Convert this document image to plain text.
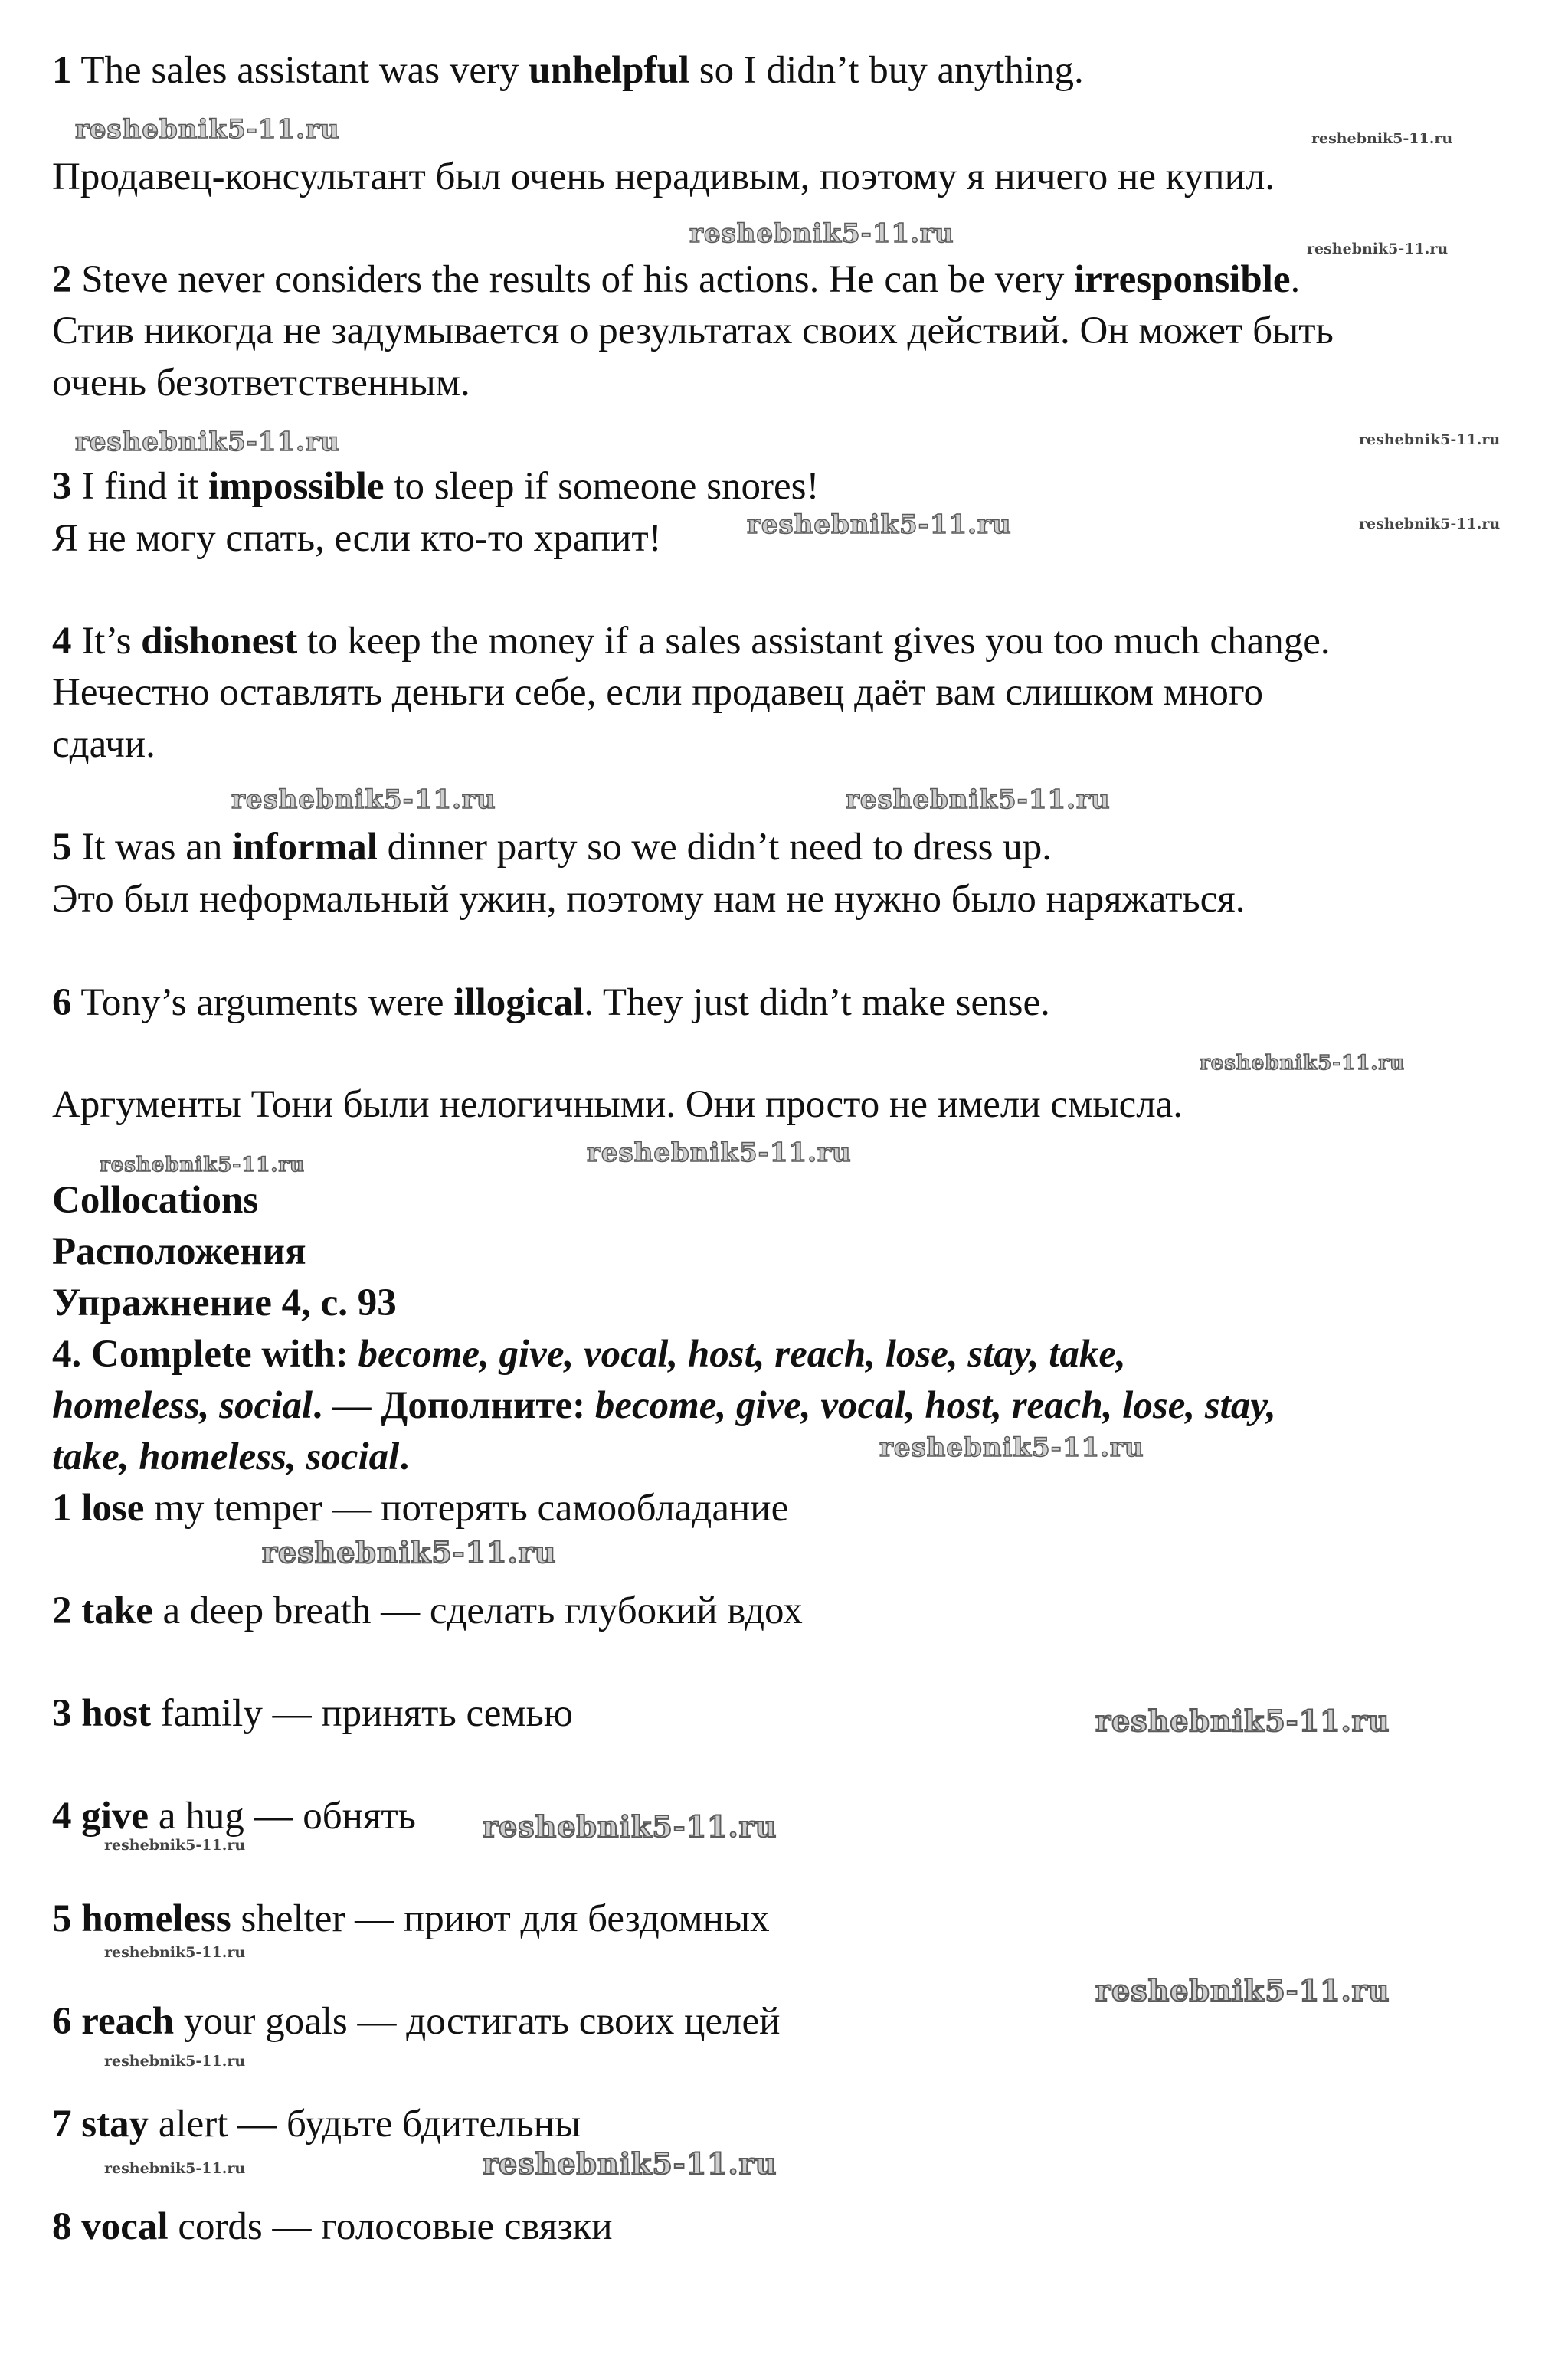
1 The sales assistant was very unhelpful so I didn’t buy anything.

Продавец-консультант был очень нерадивым, поэтому я ничего не купил.

2 Steve never considers the results of his actions. He can be very irresponsible.

Стив никогда не задумывается о результатах своих действий. Он может быть

очень безответственным.

3 I find it impossible to sleep if someone snores!

Я не могу спать, если кто-то храпит!

4 It’s dishonest to keep the money if a sales assistant gives you too much change.

Нечестно оставлять деньги себе, если продавец даёт вам слишком много

сдачи.

5 It was an informal dinner party so we didn’t need to dress up.

Это был неформальный ужин, поэтому нам не нужно было наряжаться.

6 Tony’s arguments were illogical. They just didn’t make sense.

Аргументы Тони были нелогичными. Они просто не имели смысла.

Collocations

Расположения

Упражнение 4, с. 93

4. Complete with: become, give, vocal, host, reach, lose, stay, take,

homeless, social. — Дополните: become, give, vocal, host, reach, lose, stay,

take, homeless, social.

1 lose my temper — потерять самообладание

2 take a deep breath — сделать глубокий вдох

3 host family — принять семью

4 give a hug — обнять

5 homeless shelter — приют для бездомных

6 reach your goals — достигать своих целей

7 stay alert — будьте бдительны

8 vocal cords — голосовые связки

reshebnik5-11.ru	reshebnik5-11.ru
reshebnik5-11.ru	reshebnik5-11.ru
reshebnik5-11.ru	reshebnik5-11.ru
reshebnik5-11.ru	reshebnik5-11.ru
reshebnik5-11.ru	reshebnik5-11.ru
reshebnik5-11.ru
reshebnik5-11.ru	reshebnik5-11.ru
reshebnik5-11.ru
reshebnik5-11.ru
reshebnik5-11.ru
reshebnik5-11.ru
reshebnik5-11.ru
reshebnik5-11.ru
reshebnik5-11.ru
reshebnik5-11.ru
reshebnik5-11.ru
reshebnik5-11.ru
